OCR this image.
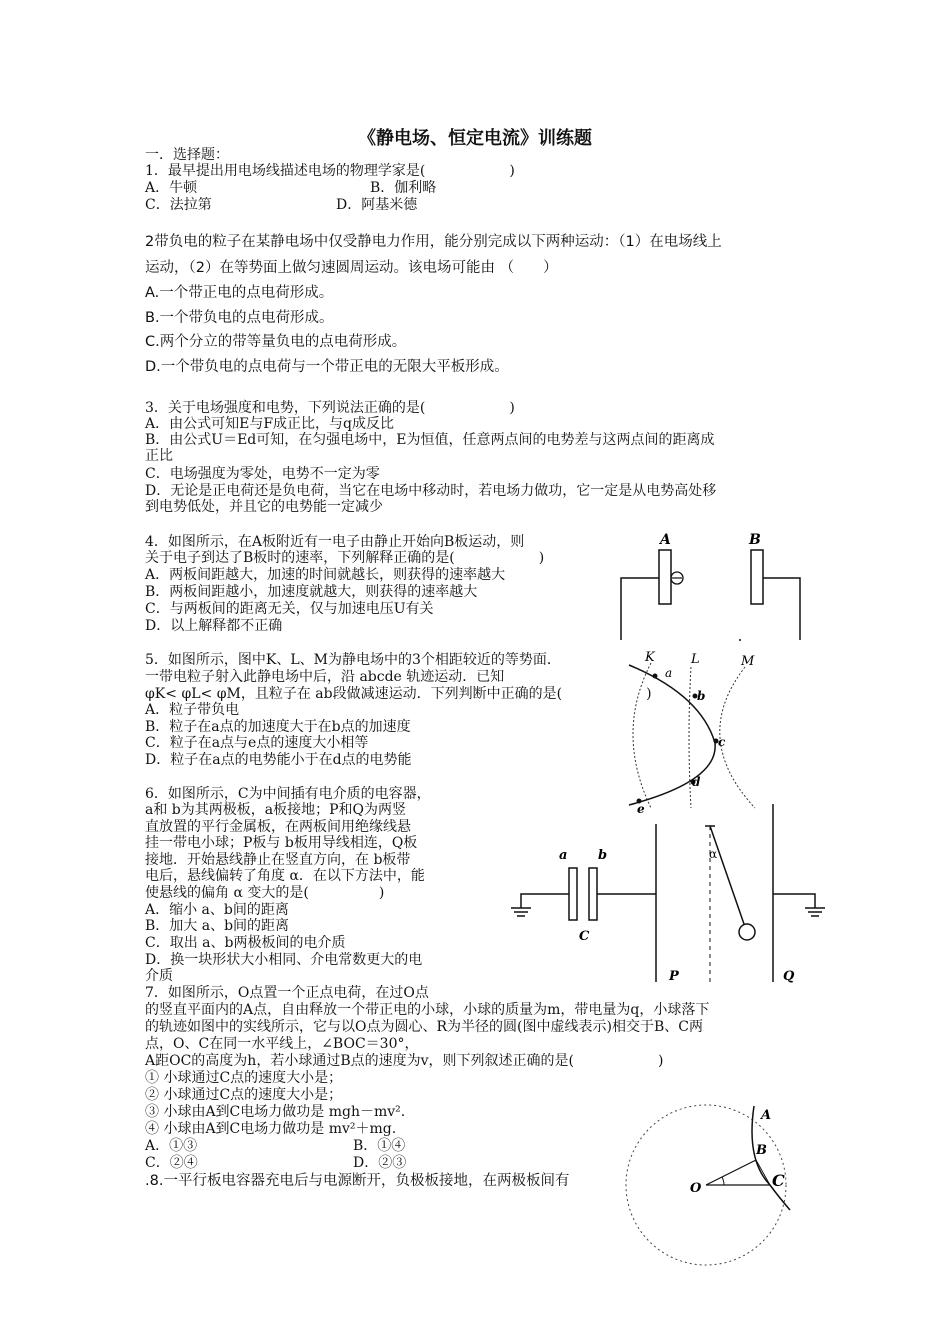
《静电场、恒定电流》训练题
一．选择题：
1．最早提出用电场线描述电场的物理学家是(　　　　　　)
A．牛顿	B．伽利略
C．法拉第	D．阿基米德
2带负电的粒子在某静电场中仅受静电力作用，能分别完成以下两种运动：（1）在电场线上
运动，（2）在等势面上做匀速圆周运动。该电场可能由 （　　）
A.一个带正电的点电荷形成。
B.一个带负电的点电荷形成。
C.两个分立的带等量负电的点电荷形成。
D.一个带负电的点电荷与一个带正电的无限大平板形成。
3．关于电场强度和电势，下列说法正确的是(　　　　　　)
A．由公式可知E与F成正比，与q成反比
B．由公式U＝Ed可知，在匀强电场中，E为恒值，任意两点间的电势差与这两点间的距离成
正比
C．电场强度为零处，电势不一定为零
D．无论是正电荷还是负电荷，当它在电场中移动时，若电场力做功，它一定是从电势高处移
到电势低处，并且它的电势能一定减少
4．如图所示，在A板附近有一电子由静止开始向B板运动，则
关于电子到达了B板时的速率，下列解释正确的是(　　　　　　)
A．两板间距越大，加速的时间就越长，则获得的速率越大
B．两板间距越小，加速度就越大，则获得的速率越大
C．与两板间的距离无关，仅与加速电压U有关
D．以上解释都不正确
A	B
5．如图所示，图中K、L、M为静电场中的3个相距较近的等势面．
一带电粒子射入此静电场中后，沿 abcde 轨迹运动．已知
φK< φL< φM，且粒子在 ab段做减速运动．下列判断中正确的是(　　　　　　)
A．粒子带负电
B．粒子在a点的加速度大于在b点的加速度
C．粒子在a点与e点的速度大小相等
D．粒子在a点的电势能小于在d点的电势能
K	L	M
a
b
c
d
e
6．如图所示，C为中间插有电介质的电容器，
a和 b为其两极板，a板接地；P和Q为两竖
直放置的平行金属板，在两板间用绝缘线悬
挂一带电小球；P板与 b板用导线相连，Q板
接地．开始悬线静止在竖直方向，在 b板带
电后，悬线偏转了角度 α．在以下方法中，能
使悬线的偏角 α 变大的是(　　　　　)
A．缩小 a、b间的距离
B．加大 a、b间的距离
C．取出 a、b两极板间的电介质
D．换一块形状大小相同、介电常数更大的电
介质
a b
C
α
P	Q
7．如图所示，O点置一个正点电荷，在过O点
的竖直平面内的A点，自由释放一个带正电的小球，小球的质量为m，带电量为q，小球落下
的轨迹如图中的实线所示，它与以O点为圆心、R为半径的圆(图中虚线表示)相交于B、C两
点，O、C在同一水平线上，∠BOC＝30°，
A距OC的高度为h，若小球通过B点的速度为v，则下列叙述正确的是(　　　　　　)
① 小球通过C点的速度大小是；
② 小球通过C点的速度大小是；
③ 小球由A到C电场力做功是 mgh－mv².
④ 小球由A到C电场力做功是 mv²＋mg.
A．①③	B．①④
C．②④	D．②③
A
B
C
O
.8.一平行板电容器充电后与电源断开，负极板接地，在两极板间有
